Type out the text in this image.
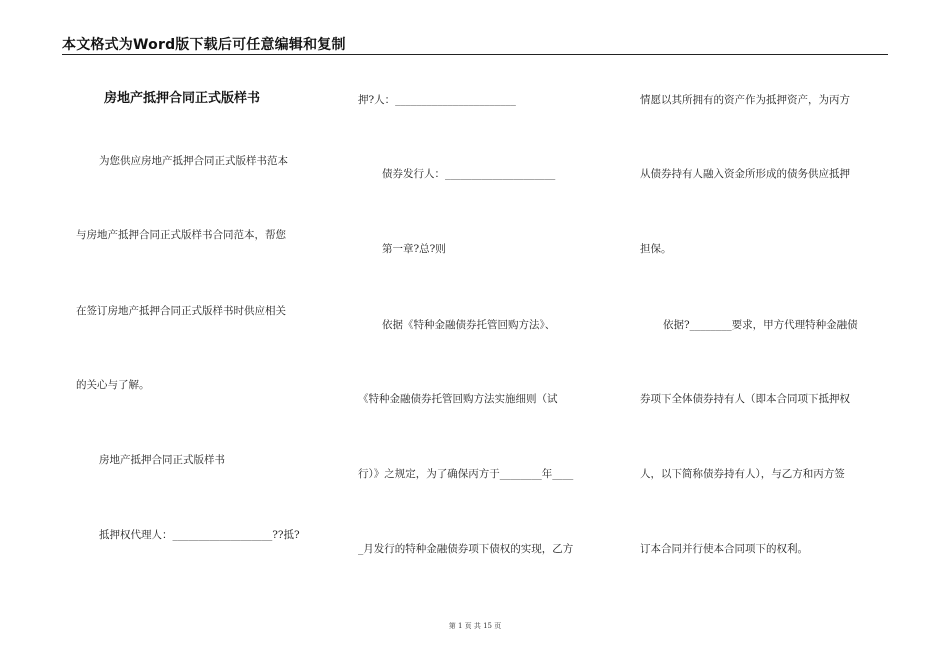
本文格式为Word版下载后可任意编辑和复制
房地产抵押合同正式版样书
为您供应房地产抵押合同正式版样书范本
与房地产抵押合同正式版样书合同范本，帮您
在签订房地产抵押合同正式版样书时供应相关
的关心与了解。
房地产抵押合同正式版样书
抵押权代理人：___________________??抵?
押?人：_______________________
债券发行人：_____________________
第一章?总?则
依据《特种金融债券托管回购方法》、
《特种金融债券托管回购方法实施细则（试
行）》之规定，为了确保丙方于________年____
_月发行的特种金融债券项下债权的实现，乙方
情愿以其所拥有的资产作为抵押资产，为丙方
从债券持有人融入资金所形成的债务供应抵押
担保。
依据?________要求，甲方代理特种金融债
券项下全体债券持有人（即本合同项下抵押权
人，以下简称债券持有人），与乙方和丙方签
订本合同并行使本合同项下的权利。
第 1 页 共 15 页
